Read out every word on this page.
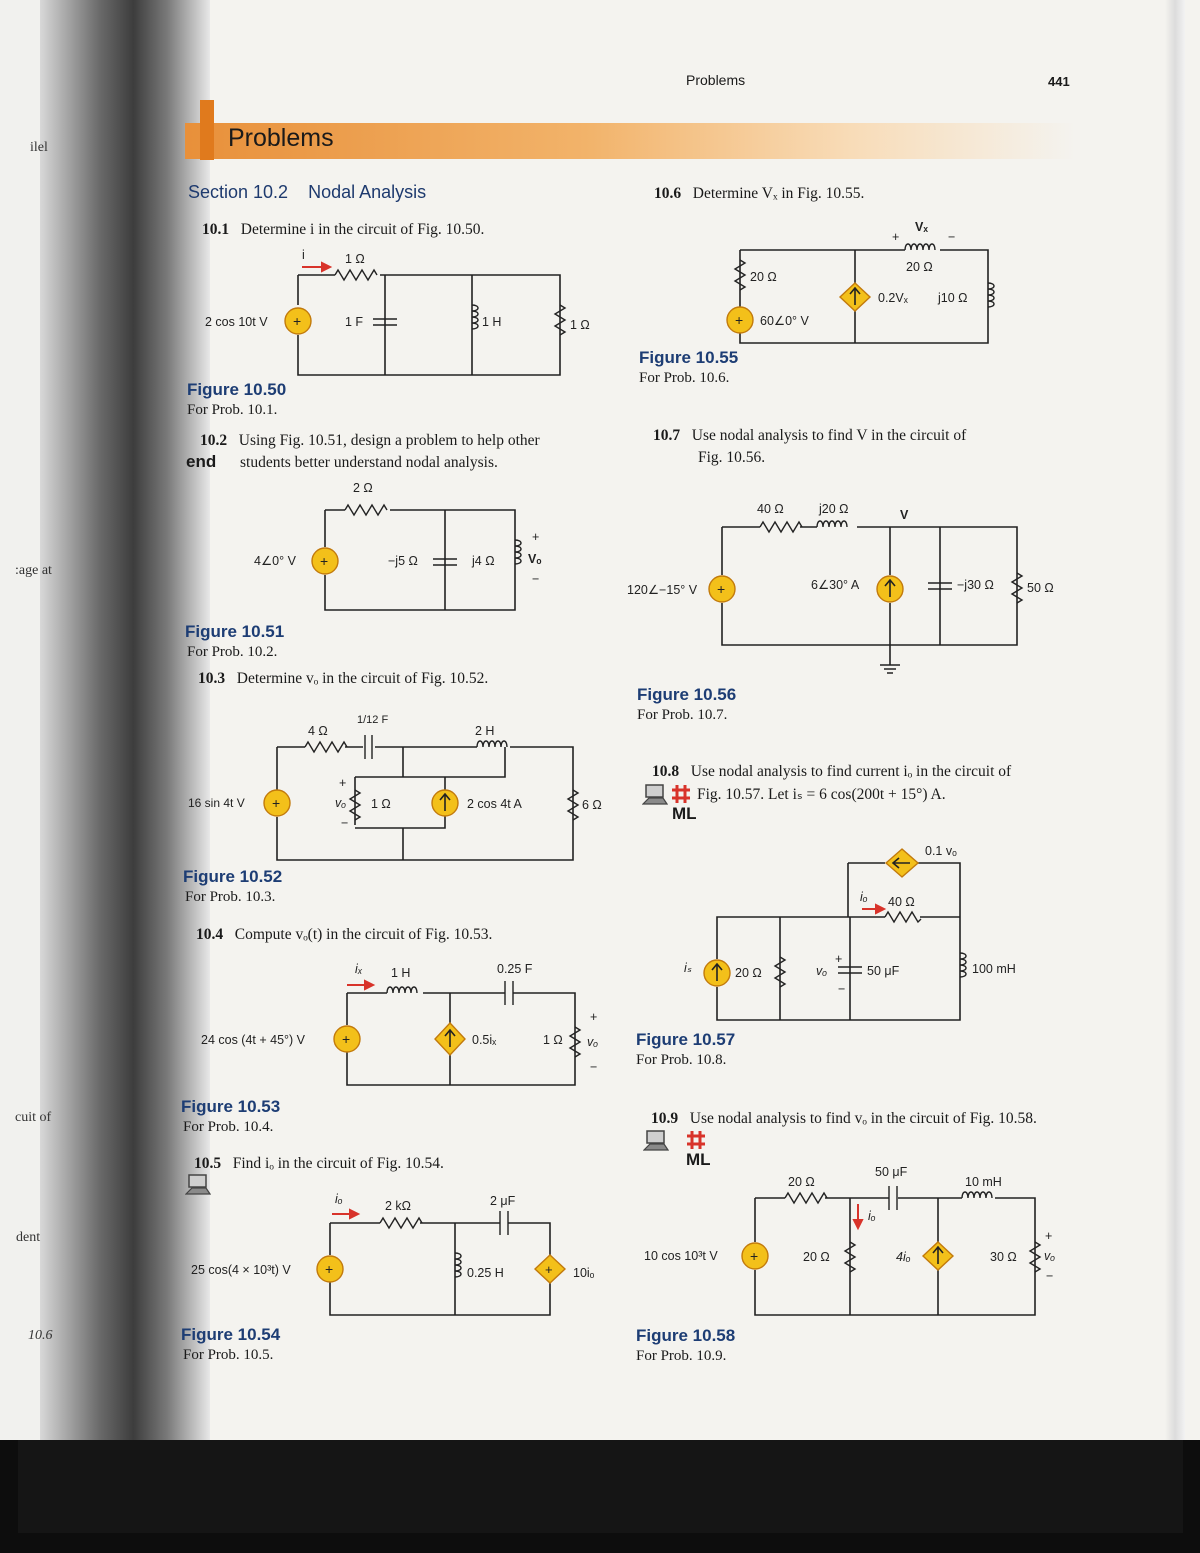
ilel
:age at
cuit of
dent
10.6
Problems	441
Problems
Section 10.2    Nodal Analysis
10.1 Determine i in the circuit of Fig. 10.50.
+
i	1 Ω
2 cos 10t V	1 F	1 H	1 Ω
Figure 10.50
For Prob. 10.1.
10.2 Using Fig. 10.51, design a problem to help other
end students better understand nodal analysis.
+
2 Ω
4∠0° V	−j5 Ω	j4 Ω
+
Vₒ
−
Figure 10.51
For Prob. 10.2.
10.3 Determine vₒ in the circuit of Fig. 10.52.
+
4 Ω
1/12 F
2 H
16 sin 4t V
+
vₒ
−
1 Ω	2 cos 4t A	6 Ω
Figure 10.52
For Prob. 10.3.
10.4 Compute vₒ(t) in the circuit of Fig. 10.53.
+
iₓ 1 H	0.25 F
24 cos (4t + 45°) V	0.5iₓ	1 Ω
+
vₒ
−
Figure 10.53
For Prob. 10.4.
10.5 Find iₒ in the circuit of Fig. 10.54.
+	+
iₒ	2 kΩ	2 μF
25 cos(4 × 10³t) V	0.25 H	10iₒ
Figure 10.54
For Prob. 10.5.
10.6 Determine Vₓ in Fig. 10.55.
+
+
Vₓ
−
20 Ω
20 Ω
0.2Vₓ j10 Ω
60∠0° V
Figure 10.55
For Prob. 10.6.
10.7 Use nodal analysis to find V in the circuit of
Fig. 10.56.
+
40 Ω	j20 Ω	V
120∠−15° V	6∠30° A	−j30 Ω	50 Ω
Figure 10.56
For Prob. 10.7.
10.8 Use nodal analysis to find current iₒ in the circuit of
Fig. 10.57. Let iₛ = 6 cos(200t + 15°) A.
ML
0.1 vₒ
iₒ 40 Ω
iₛ	20 Ω	vₒ
+
−
50 μF	100 mH
Figure 10.57
For Prob. 10.8.
10.9 Use nodal analysis to find vₒ in the circuit of Fig. 10.58.
ML
+
20 Ω
50 μF
10 mH
iₒ
10 cos 10³t V	20 Ω	4iₒ	30 Ω
+
vₒ
−
Figure 10.58
For Prob. 10.9.
